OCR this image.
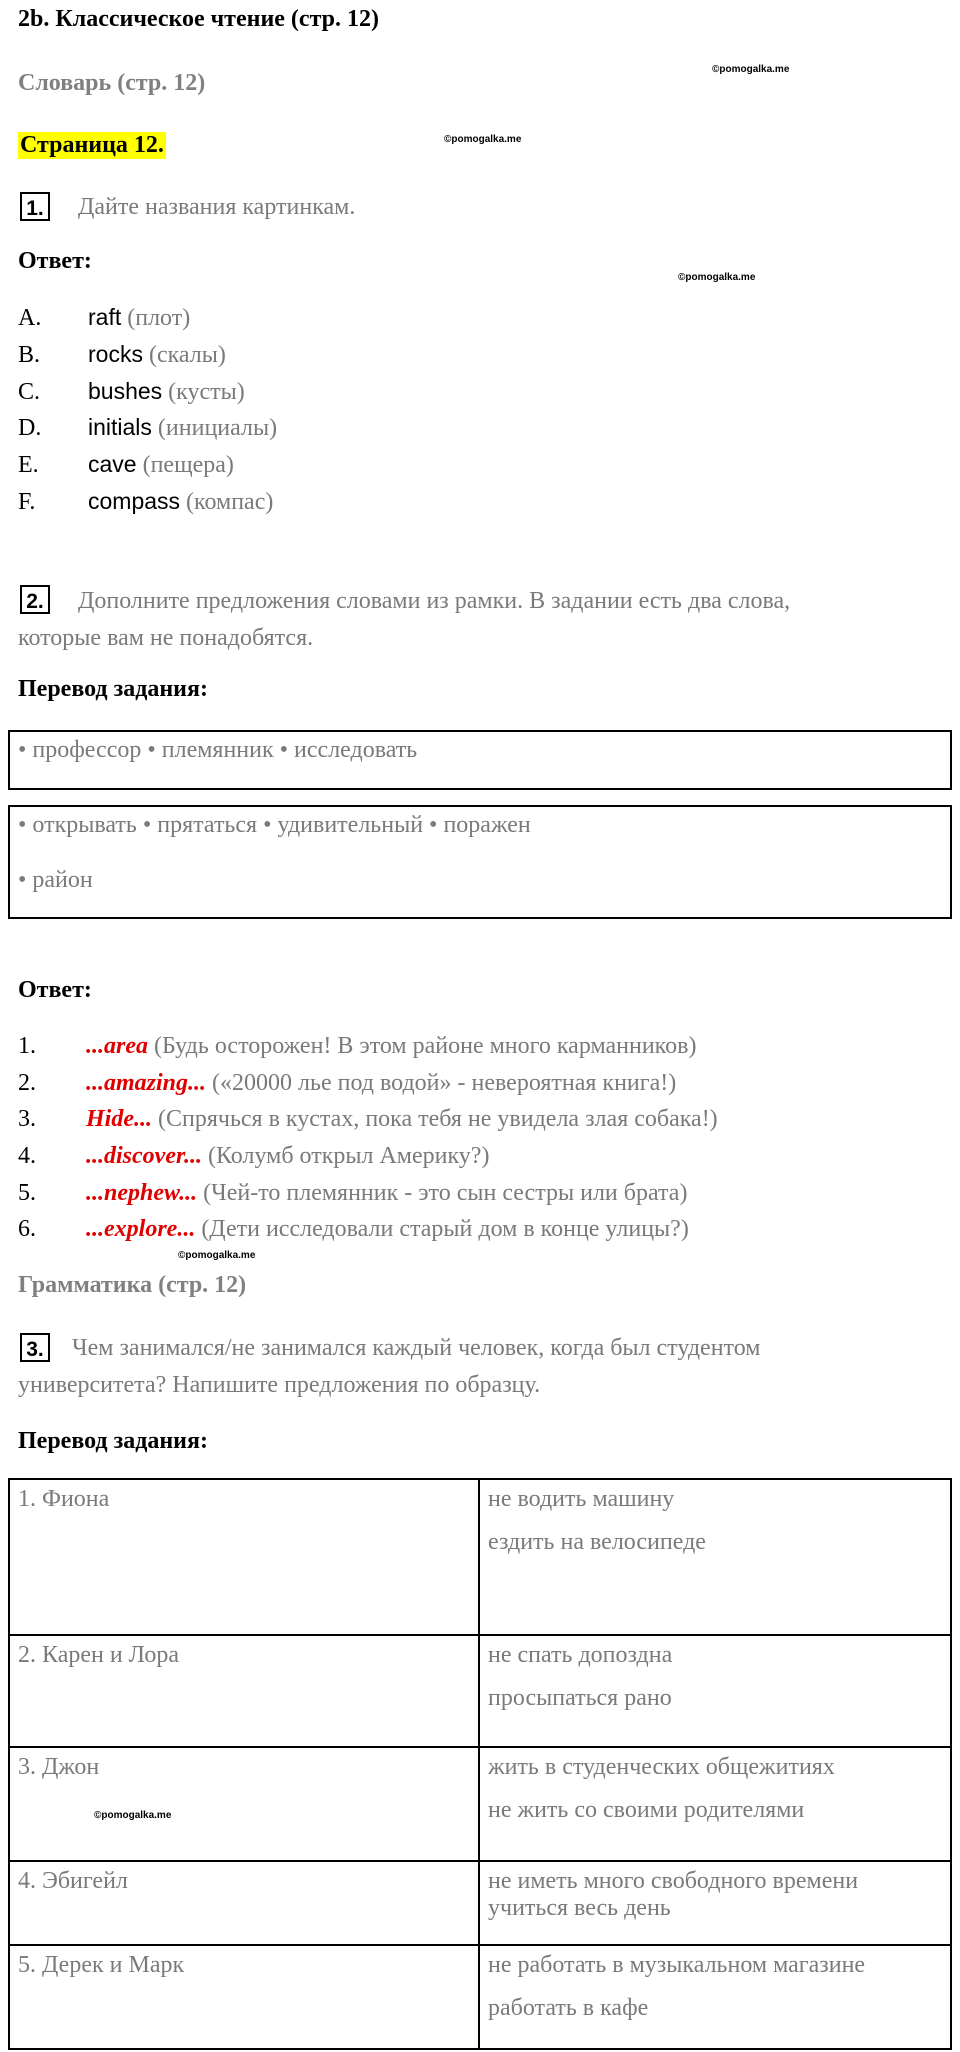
2b. Классическое чтение (стр. 12)
Словарь (стр. 12)
©pomogalka.me
Страница 12.	©pomogalka.me
1. Дайте названия картинкам.
Ответ:
©pomogalka.me
A. raft (плот)
B. rocks (скалы)
C. bushes (кусты)
D. initials (инициалы)
E. cave (пещера)
F. compass (компас)
2. Дополните предложения словами из рамки. В задании есть два слова,
которые вам не понадобятся.
Перевод задания:
• профессор • племянник • исследовать
• открывать • прятаться • удивительный • поражен
• район
Ответ:
1. ...area (Будь осторожен! В этом районе много карманников)
2. ...amazing... («20000 лье под водой» - невероятная книга!)
3. Hide... (Спрячься в кустах, пока тебя не увидела злая собака!)
4. ...discover... (Колумб открыл Америку?)
5. ...nephew... (Чей-то племянник - это сын сестры или брата)
6. ...explore... (Дети исследовали старый дом в конце улицы?)
©pomogalka.me
Грамматика (стр. 12)
3. Чем занимался/не занимался каждый человек, когда был студентом
университета? Напишите предложения по образцу.
Перевод задания:
1. Фиона	не водить машину
ездить на велосипеде

2. Карен и Лора	не спать допоздна
просыпаться рано

3. Джон
©pomogalka.me	жить в студенческих общежитиях
не жить со своими родителями

4. Эбигейл	не иметь много свободного времени
учиться весь день

5. Дерек и Марк	не работать в музыкальном магазине
работать в кафе
